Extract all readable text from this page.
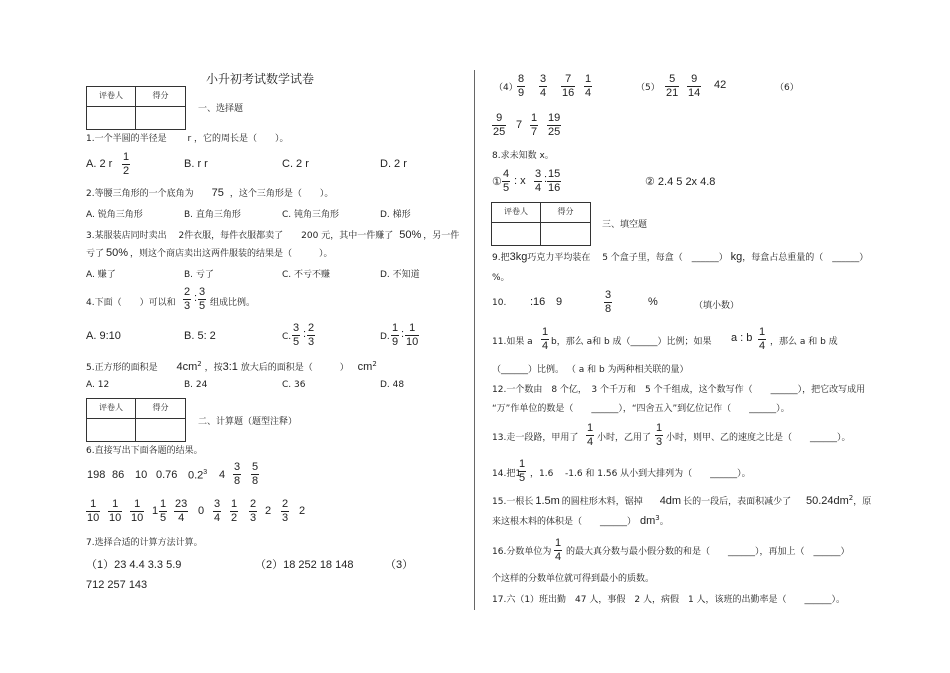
小升初考试数学试卷
评卷人	得分
一、选择题
1.一个半圆的半径是 r ，它的周长是（　　）。
A. 2 r $\frac{1}{2}$	B. r r	C. 2 r	D. 2 r
2.等腰三角形的一个底角为 75 ，这个三角形是（　　）。
A. 锐角三角形	B. 直角三角形	C. 钝角三角形	D. 梯形
3.某服装店同时卖出　 2件衣服，每件衣服都卖了　　200 元，其中一件赚了 50% ，另一件
亏了 50% ，则这个商店卖出这两件服装的结果是（　　　）。
A. 赚了	B. 亏了	C. 不亏不赚	D. 不知道
4.下面（　　）可以和 $\frac{2}{3}$ : $\frac{3}{5}$ 组成比例。
A. 9:10	B. 5: 2	C. $\frac{3}{5}$ : $\frac{2}{3}$	D. $\frac{1}{9}$ : $\frac{1}{10}$
5.正方形的面积是 $4cm^2$ ，按3:1 放大后的面积是（　　　） $cm^2$
A. 12	B. 24	C. 36	D. 48
评卷人	得分
二、计算题（题型注释）
6.直接写出下面各题的结果。
198 86 10 0.76 $0.2^3$ $4 \frac{3}{8} \frac{5}{8}$
$\frac{1}{10} \frac{1}{10} \frac{1}{10} 1 \frac{1}{5} \frac{23}{4} 0 \frac{3}{4} \frac{1}{2} \frac{2}{3} 2 \frac{2}{3} 2$
7.选择合适的计算方法计算。
（1）23 4.4 3.3 5.9	（2）18 252 18 148	（3）
712 257 143
$(4) \frac{8}{9} \frac{3}{4} \frac{7}{16} \frac{1}{4}$	$(5) \frac{5}{21} \frac{9}{14} 42$	（6）
$\frac{9}{25} 7 \frac{1}{7} \frac{19}{25}$
8.求未知数 x。
① $\frac{4}{5}$ : x $\frac{3}{4}$ : $\frac{15}{16}$	② 2.4 5 2x 4.8
评卷人	得分
三、填空题
9.把3kg巧克力平均装在　 5 个盒子里，每盒（　______） kg，每盒占总重量的（　______）
%。
10. :16 9	$\frac{3}{8}$	%	（填小数）
11.如果 a $\frac{1}{4}$ b，那么 a和 b 成（______）比例；如果 a : b $\frac{1}{4}$ ，那么 a 和 b 成
（______）比例。 （ a 和 b 为两种相关联的量）
12.一个数由　8 个亿，　3 个千万和　5 个千组成，这个数写作（　　______），把它改写成用
“万”作单位的数是（　　______），“四舍五入”到亿位记作（　　______）。
13.走一段路，甲用了 $\frac{1}{4}$ 小时，乙用了 $\frac{1}{3}$ 小时，则甲、乙的速度之比是（　　______）。
14.把1
$\frac{1}{5}$ ，1.6 -1.6 和 1.56 从小到大排列为（　　______）。
15.一根长 1.5m 的圆柱形木料，锯掉 4dm 长的一段后，表面积减少了 $50.24dm^2$，原
来这根木料的体积是（　　______） $dm^3$。
16.分数单位为 $\frac{1}{4}$ 的最大真分数与最小假分数的和是（　　______），再加上（　______）
个这样的分数单位就可得到最小的质数。
17.六（1）班出勤　47 人，事假　2 人，病假　1 人，该班的出勤率是（　　______）。
